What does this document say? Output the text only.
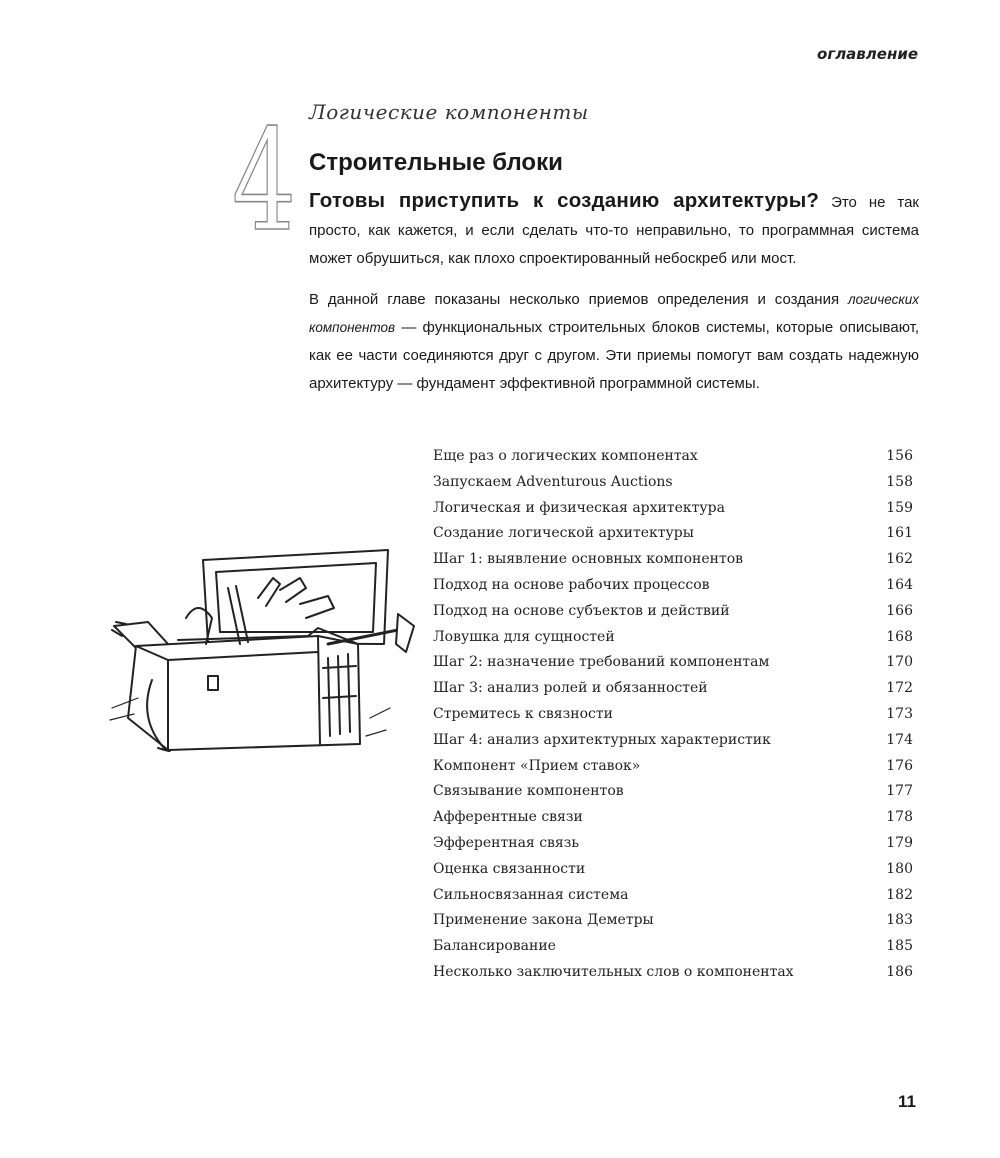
оглавление
4 Логические компоненты
Строительные блоки

Готовы приступить к созданию архитектуры? Это не так просто, как кажется, и если сделать что-то неправильно, то программная система может обрушиться, как плохо спроектированный небоскреб или мост.

В данной главе показаны несколько приемов определения и создания логических компонентов — функциональных строительных блоков системы, которые описывают, как ее части соединяются друг с другом. Эти приемы помогут вам создать надежную архитектуру — фундамент эффективной программной системы.

Еще раз о логических компонентах	156
Запускаем Adventurous Auctions	158
Логическая и физическая архитектура	159
Создание логической архитектуры	161
Шаг 1: выявление основных компонентов	162
Подход на основе рабочих процессов	164
Подход на основе субъектов и действий	166
Ловушка для сущностей	168
Шаг 2: назначение требований компонентам	170
Шаг 3: анализ ролей и обязанностей	172
Стремитесь к связности	173
Шаг 4: анализ архитектурных характеристик	174
Компонент «Прием ставок»	176
Связывание компонентов	177
Афферентные связи	178
Эфферентная связь	179
Оценка связанности	180
Сильносвязанная система	182
Применение закона Деметры	183
Балансирование	185
Несколько заключительных слов о компонентах	186
11
